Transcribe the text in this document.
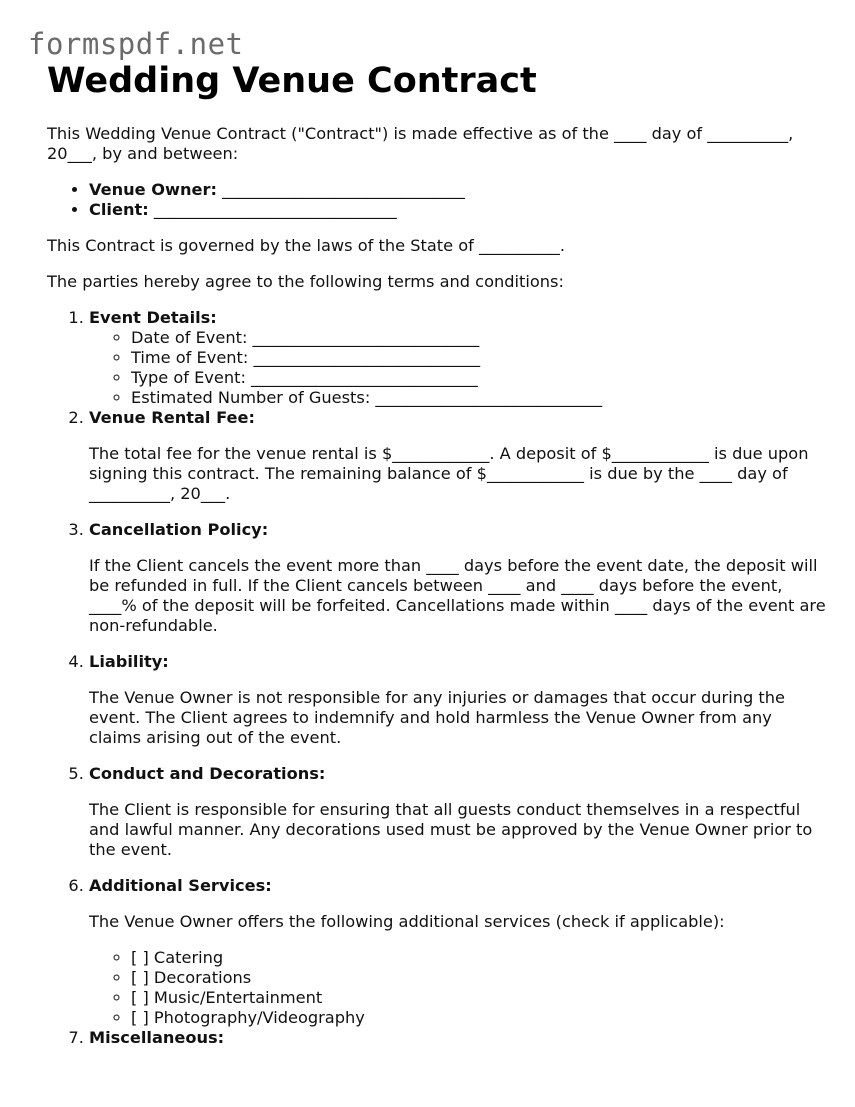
formspdf.net
Wedding Venue Contract

This Wedding Venue Contract ("Contract") is made effective as of the ____ day of __________, 20___, by and between:

• Venue Owner: ______________________________
• Client: ______________________________

This Contract is governed by the laws of the State of __________.

The parties hereby agree to the following terms and conditions:

1. Event Details:
◦ Date of Event: ____________________________
◦ Time of Event: ____________________________
◦ Type of Event: ____________________________
◦ Estimated Number of Guests: ____________________________
2. Venue Rental Fee:

The total fee for the venue rental is $____________. A deposit of $____________ is due upon signing this contract. The remaining balance of $____________ is due by the ____ day of __________, 20___.

3. Cancellation Policy:

If the Client cancels the event more than ____ days before the event date, the deposit will be refunded in full. If the Client cancels between ____ and ____ days before the event, ____% of the deposit will be forfeited. Cancellations made within ____ days of the event are non-refundable.

4. Liability:

The Venue Owner is not responsible for any injuries or damages that occur during the event. The Client agrees to indemnify and hold harmless the Venue Owner from any claims arising out of the event.

5. Conduct and Decorations:

The Client is responsible for ensuring that all guests conduct themselves in a respectful and lawful manner. Any decorations used must be approved by the Venue Owner prior to the event.

6. Additional Services:

The Venue Owner offers the following additional services (check if applicable):

◦ [ ] Catering
◦ [ ] Decorations
◦ [ ] Music/Entertainment
◦ [ ] Photography/Videography
7. Miscellaneous:
